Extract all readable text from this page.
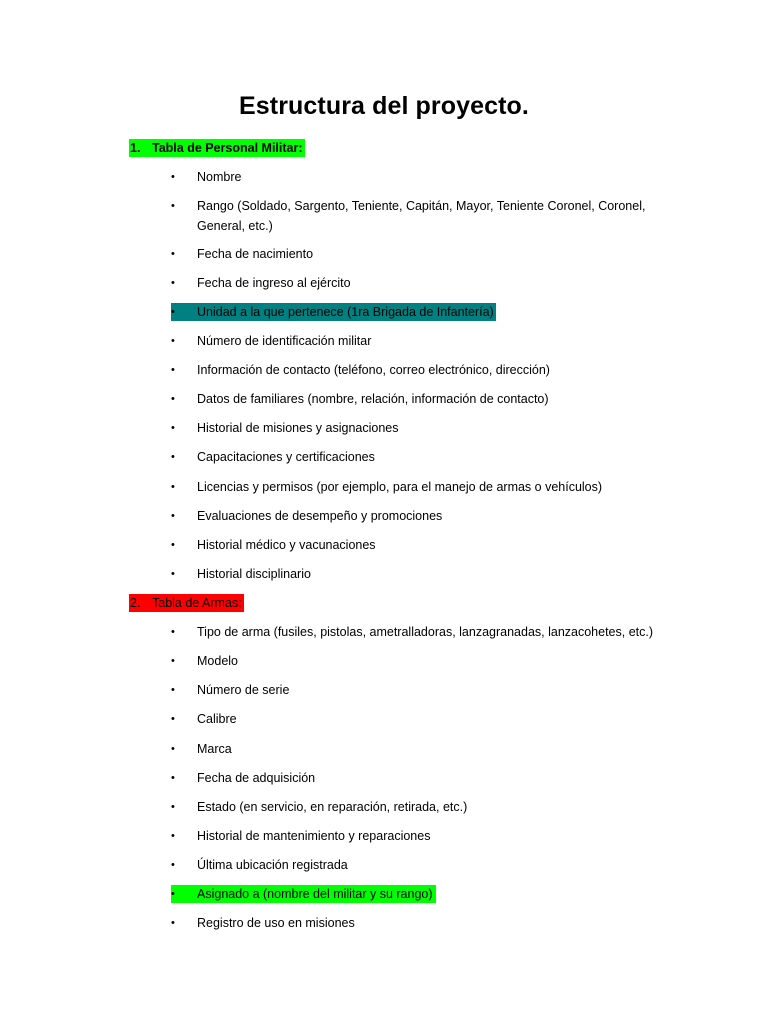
Estructura del proyecto.
1. Tabla de Personal Militar:
•	Nombre
•	Rango (Soldado, Sargento, Teniente, Capitán, Mayor, Teniente Coronel, Coronel, General, etc.)
•	Fecha de nacimiento
•	Fecha de ingreso al ejército
•	Unidad a la que pertenece (1ra Brigada de Infantería)
•	Número de identificación militar
•	Información de contacto (teléfono, correo electrónico, dirección)
•	Datos de familiares (nombre, relación, información de contacto)
•	Historial de misiones y asignaciones
•	Capacitaciones y certificaciones
•	Licencias y permisos (por ejemplo, para el manejo de armas o vehículos)
•	Evaluaciones de desempeño y promociones
•	Historial médico y vacunaciones
•	Historial disciplinario
2. Tabla de Armas:
•	Tipo de arma (fusiles, pistolas, ametralladoras, lanzagranadas, lanzacohetes, etc.)
•	Modelo
•	Número de serie
•	Calibre
•	Marca
•	Fecha de adquisición
•	Estado (en servicio, en reparación, retirada, etc.)
•	Historial de mantenimiento y reparaciones
•	Última ubicación registrada
•	Asignado a (nombre del militar y su rango)
•	Registro de uso en misiones
